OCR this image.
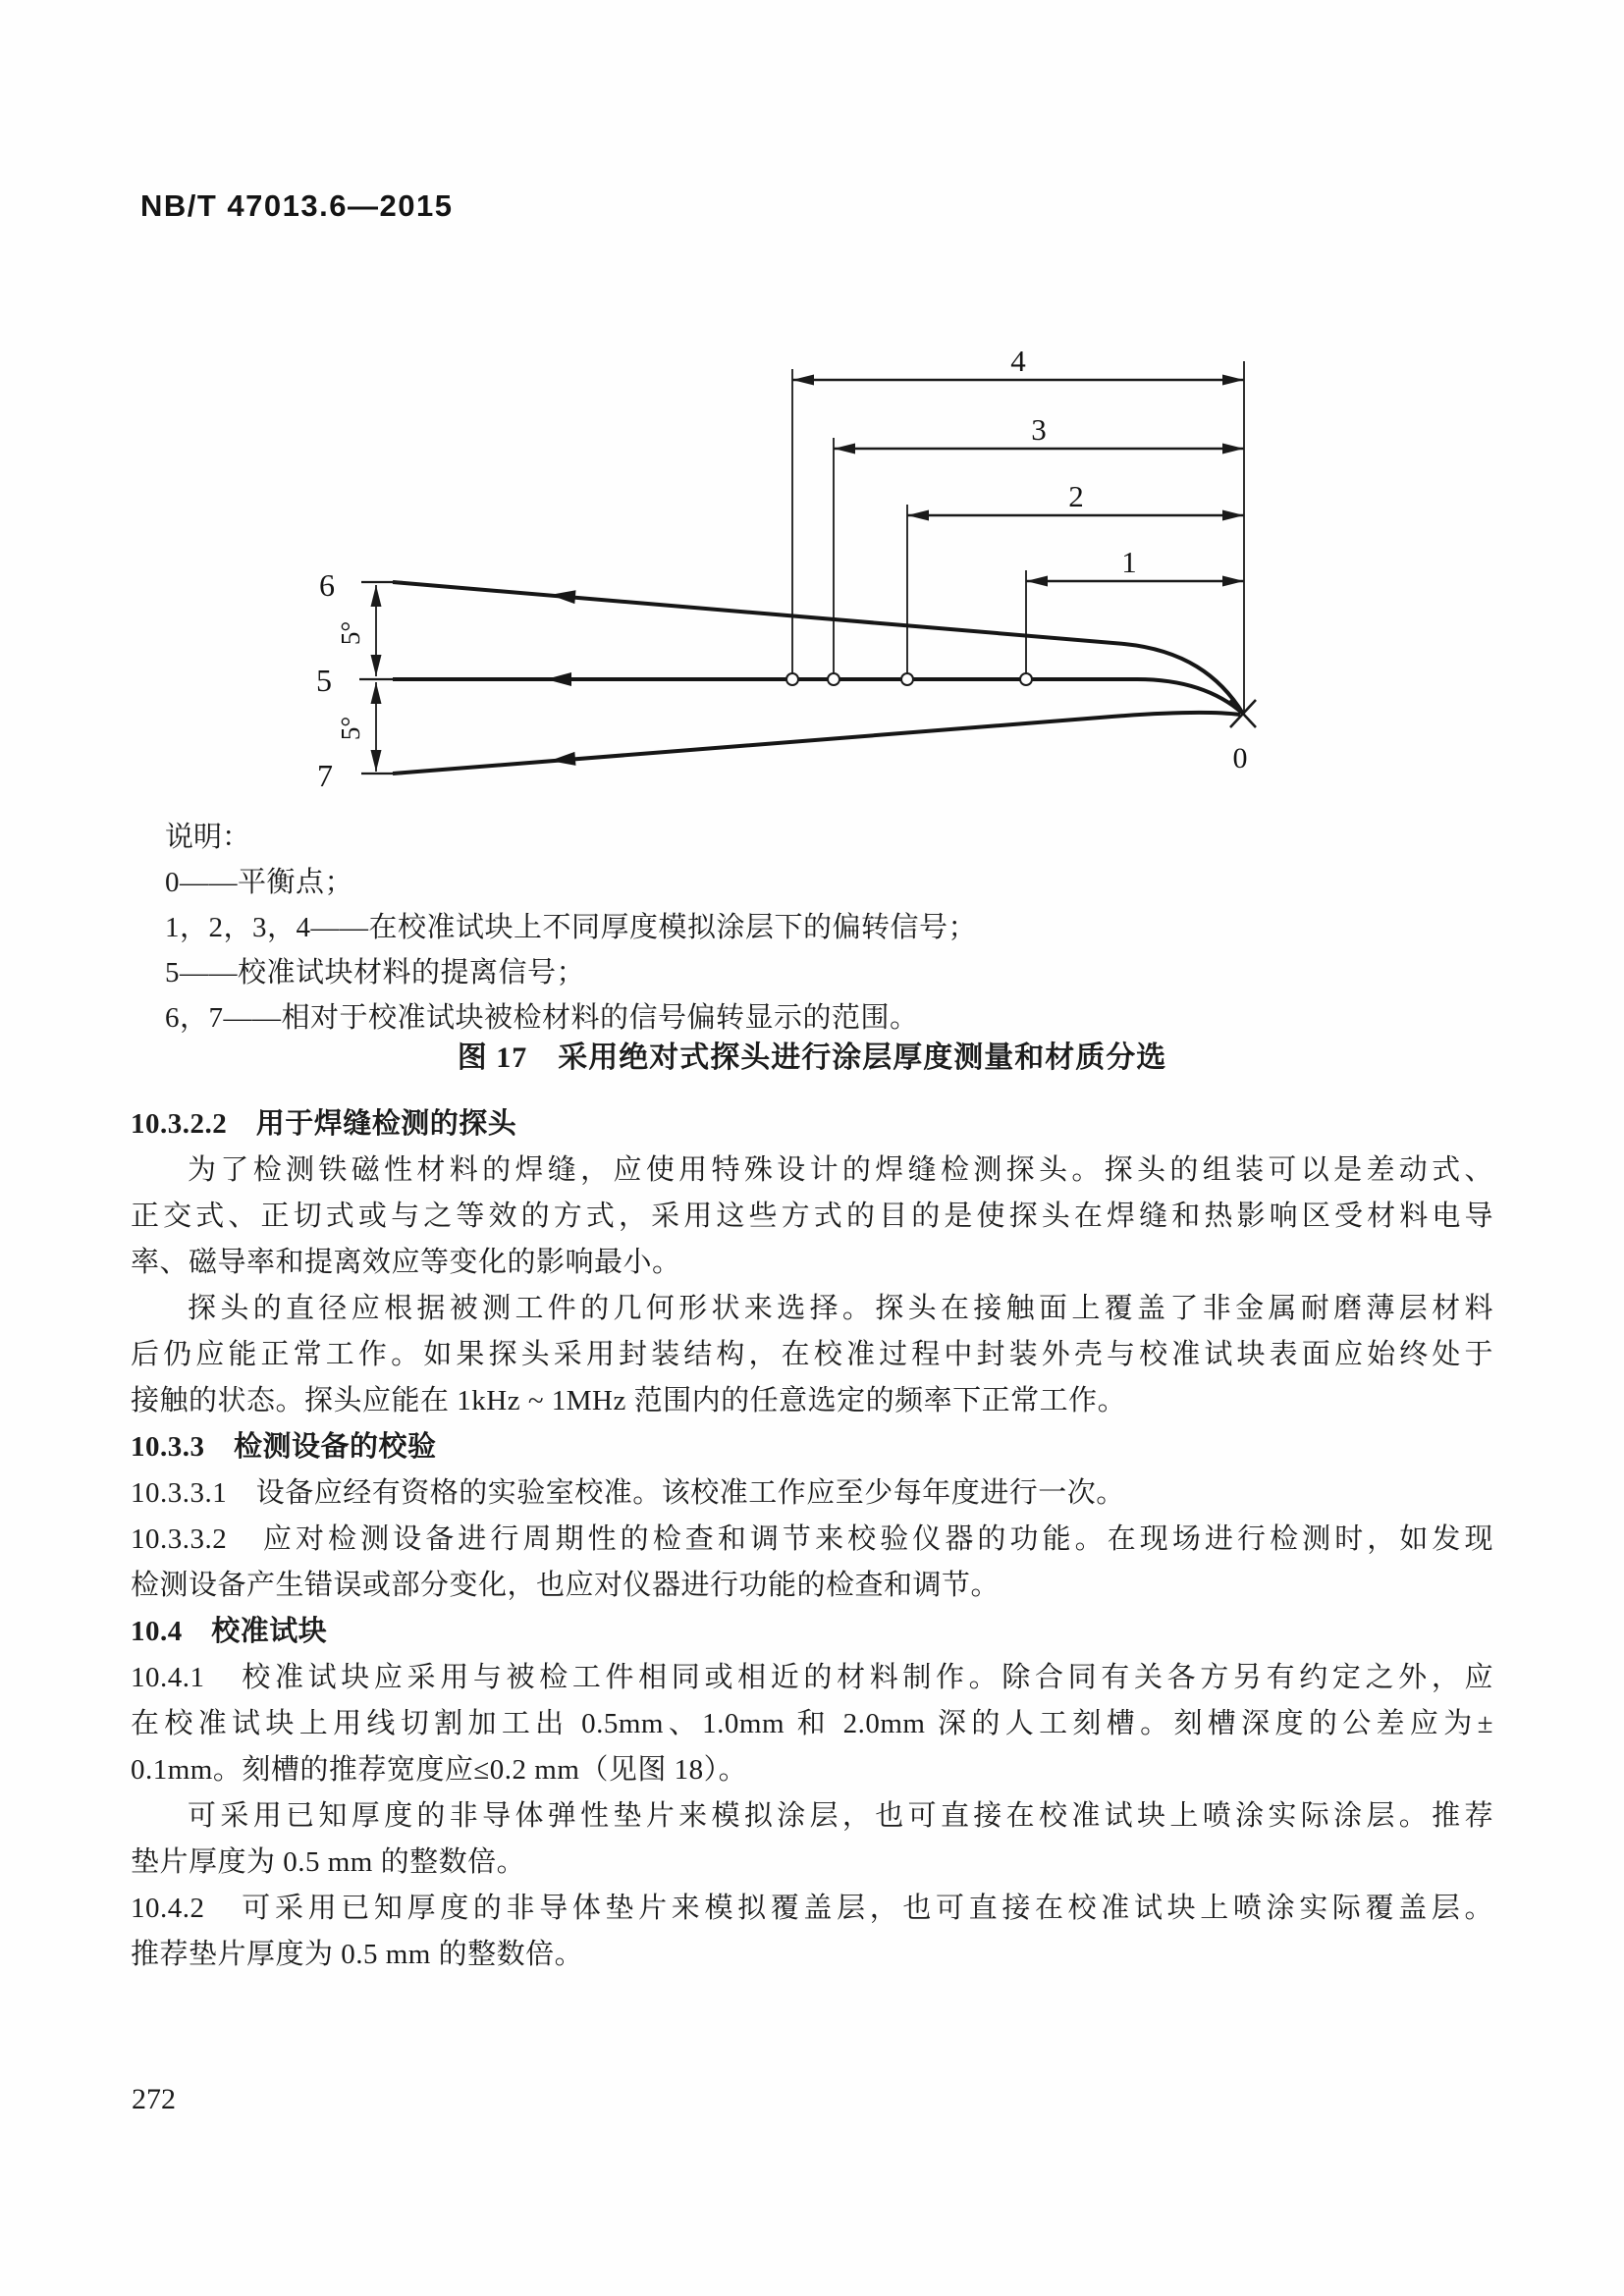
NB/T 47013.6—2015
4
3
2
1
5°
5°
6
5
7	0
说明：
0——平衡点；
1，2，3，4——在校准试块上不同厚度模拟涂层下的偏转信号；
5——校准试块材料的提离信号；
6，7——相对于校准试块被检材料的信号偏转显示的范围。
图 17　采用绝对式探头进行涂层厚度测量和材质分选
10.3.2.2　用于焊缝检测的探头
为了检测铁磁性材料的焊缝，应使用特殊设计的焊缝检测探头。探头的组装可以是差动式、
正交式、正切式或与之等效的方式，采用这些方式的目的是使探头在焊缝和热影响区受材料电导
率、磁导率和提离效应等变化的影响最小。
探头的直径应根据被测工件的几何形状来选择。探头在接触面上覆盖了非金属耐磨薄层材料
后仍应能正常工作。如果探头采用封装结构，在校准过程中封装外壳与校准试块表面应始终处于
接触的状态。探头应能在 1kHz ~ 1MHz 范围内的任意选定的频率下正常工作。
10.3.3　检测设备的校验
10.3.3.1　设备应经有资格的实验室校准。该校准工作应至少每年度进行一次。
10.3.3.2　应对检测设备进行周期性的检查和调节来校验仪器的功能。在现场进行检测时，如发现
检测设备产生错误或部分变化，也应对仪器进行功能的检查和调节。
10.4　校准试块
10.4.1　校准试块应采用与被检工件相同或相近的材料制作。除合同有关各方另有约定之外，应
在校准试块上用线切割加工出 0.5mm、1.0mm 和 2.0mm 深的人工刻槽。刻槽深度的公差应为±
0.1mm。刻槽的推荐宽度应≤0.2 mm（见图 18）。
可采用已知厚度的非导体弹性垫片来模拟涂层，也可直接在校准试块上喷涂实际涂层。推荐
垫片厚度为 0.5 mm 的整数倍。
10.4.2　可采用已知厚度的非导体垫片来模拟覆盖层，也可直接在校准试块上喷涂实际覆盖层。
推荐垫片厚度为 0.5 mm 的整数倍。
272
